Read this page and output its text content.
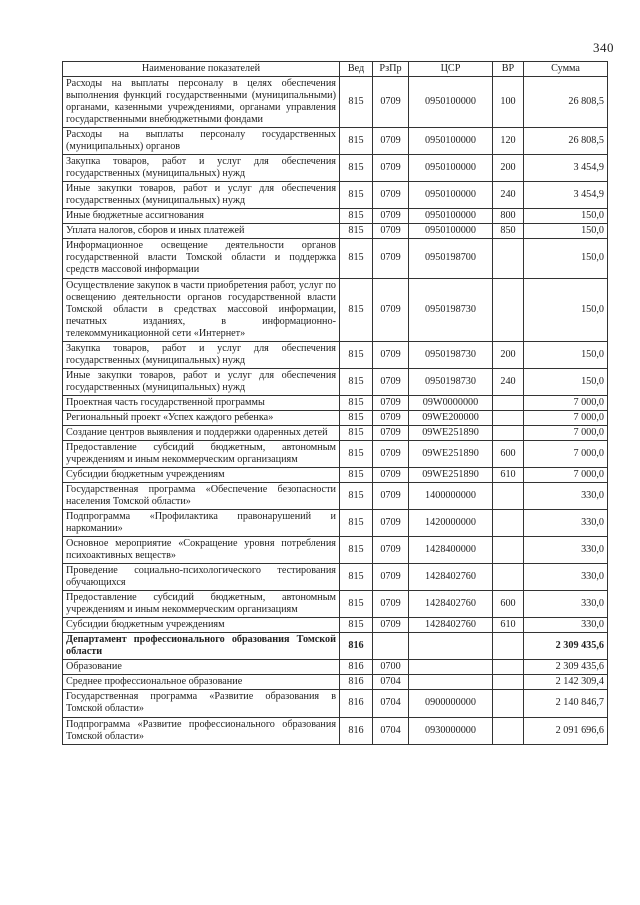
340
Наименование показателей	Вед	РзПр	ЦСР	ВР	Сумма
Расходы на выплаты персоналу в целях обеспечения выполнения функций государственными (муниципальными) органами, казенными учреждениями, органами управления государственными внебюджетными фондами	815	0709	0950100000	100	26 808,5
Расходы на выплаты персоналу государственных (муниципальных) органов	815	0709	0950100000	120	26 808,5
Закупка товаров, работ и услуг для обеспечения государственных (муниципальных) нужд	815	0709	0950100000	200	3 454,9
Иные закупки товаров, работ и услуг для обеспечения государственных (муниципальных) нужд	815	0709	0950100000	240	3 454,9
Иные бюджетные ассигнования	815	0709	0950100000	800	150,0
Уплата налогов, сборов и иных платежей	815	0709	0950100000	850	150,0
Информационное освещение деятельности органов государственной власти Томской области и поддержка средств массовой информации	815	0709	0950198700		150,0
Осуществление закупок в части приобретения работ, услуг по освещению деятельности органов государственной власти Томской области в средствах массовой информации, печатных изданиях, в информационно-телекоммуникационной сети «Интернет»	815	0709	0950198730		150,0
Закупка товаров, работ и услуг для обеспечения государственных (муниципальных) нужд	815	0709	0950198730	200	150,0
Иные закупки товаров, работ и услуг для обеспечения государственных (муниципальных) нужд	815	0709	0950198730	240	150,0
Проектная часть государственной программы	815	0709	09W0000000		7 000,0
Региональный проект «Успех каждого ребенка»	815	0709	09WE200000		7 000,0
Создание центров выявления и поддержки одаренных детей	815	0709	09WE251890		7 000,0
Предоставление субсидий бюджетным, автономным учреждениям и иным некоммерческим организациям	815	0709	09WE251890	600	7 000,0
Субсидии бюджетным учреждениям	815	0709	09WE251890	610	7 000,0
Государственная программа «Обеспечение безопасности населения Томской области»	815	0709	1400000000		330,0
Подпрограмма «Профилактика правонарушений и наркомании»	815	0709	1420000000		330,0
Основное мероприятие «Сокращение уровня потребления психоактивных веществ»	815	0709	1428400000		330,0
Проведение социально-психологического тестирования обучающихся	815	0709	1428402760		330,0
Предоставление субсидий бюджетным, автономным учреждениям и иным некоммерческим организациям	815	0709	1428402760	600	330,0
Субсидии бюджетным учреждениям	815	0709	1428402760	610	330,0
Департамент профессионального образования Томской области	816				2 309 435,6
Образование	816	0700			2 309 435,6
Среднее профессиональное образование	816	0704			2 142 309,4
Государственная программа «Развитие образования в Томской области»	816	0704	0900000000		2 140 846,7
Подпрограмма «Развитие профессионального образования Томской области»	816	0704	0930000000		2 091 696,6
